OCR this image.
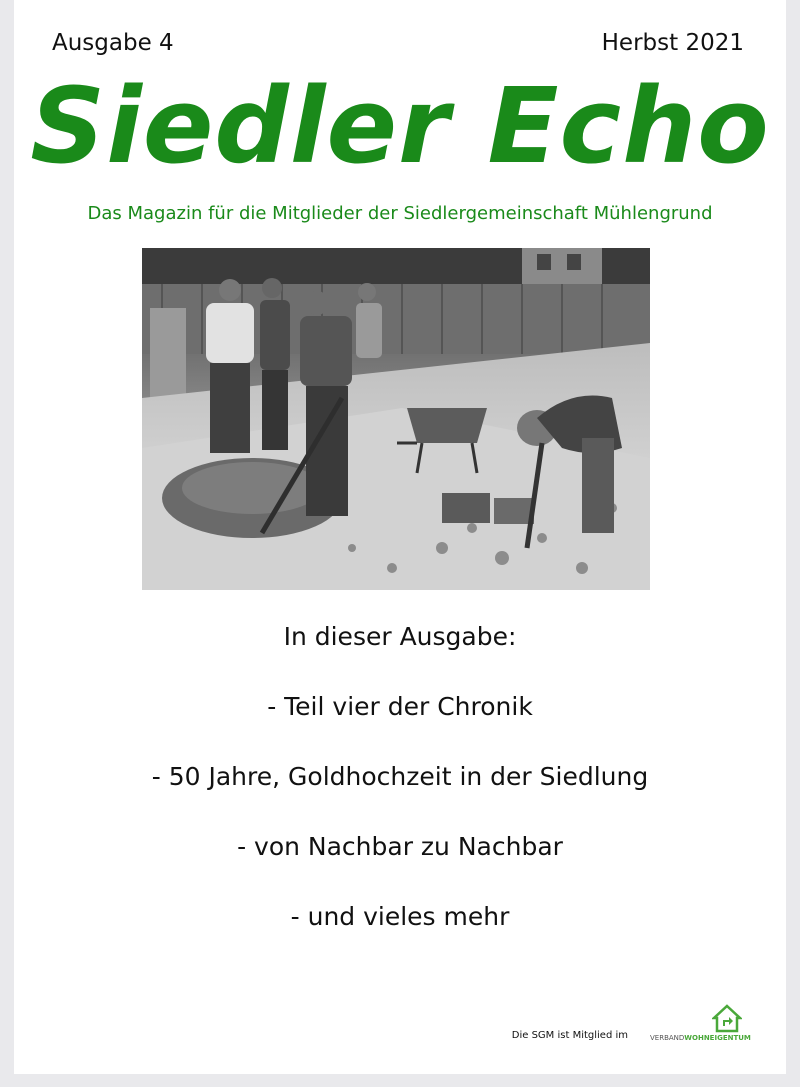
Ausgabe 4	Herbst 2021
Siedler Echo
Das Magazin für die Mitglieder der Siedlergemeinschaft Mühlengrund
In dieser Ausgabe:
- Teil vier der Chronik
- 50 Jahre, Goldhochzeit in der Siedlung
- von Nachbar zu Nachbar
- und vieles mehr
Die SGM ist Mitglied im	VERBANDWOHNEIGENTUM
